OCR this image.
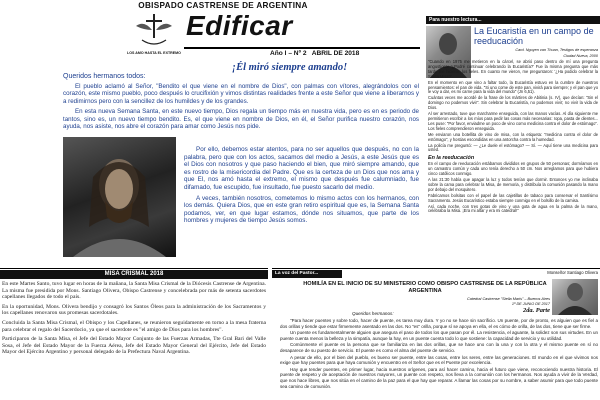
OBISPADO CASTRENSE DE ARGENTINA
LOS AMO HASTA EL EXTREMO
Edificar
Año I – Nº 2   ABRIL DE 2018
¡Él miró siempre amando!
Queridos hermanos todos:

El pueblo aclamó al Señor, "Bendito el que viene en el nombre de Dios", con palmas con vítores, alegrándolos con el corazón, este mismo pueblo, poco después lo crucifixión y vimos distintas realidades frente a este Señor que viene a liberarnos y a redimirnos pero con la sencillez de los humildes y de los grandes.

En esta nueva Semana Santa, en este nuevo tiempo, Dios regala un tiempo más en nuestra vida, pero es en es periodo de tantos, sino es, un nuevo tiempo bendito. Es, el que viene en nombre de Dios, en él, el Señor purifica nuestro corazón, nos ayuda, nos asiste, nos abre el corazón para amar como Jesús nos pide.

Por ello, debemos estar atentos, para no ser aquellos que después, no con la palabra, pero que con los actos, sacamos del medio a Jesús, a este Jesús que es el Dios con nosotros y que paso haciendo el bien, que miró siempre amando, que es rostro de la misericordia del Padre. Que es la certeza de un Dios que nos ama y que El, nos amó hasta el extremo, el mismo que después fue calumniado, fue difamado, fue escupido, fue insultado, fue puesto sacarlo del medio.

A veces, también nosotros, cometemos lo mismo actos con los hermanos, con los demás. Quiera Dios, que en este gran retiro espiritual que es, la Semana Santa podamos, ver, en que lugar estamos, dónde nos situamos, que parte de los hombres y mujeres de tiempo Jesús somos.

MISA CRISMAL 2018

En este Martes Santo, tuvo lugar en horas de la mañana, la Santa Misa Crismal de la Diócesis Castrense de Argentina. La misma fue presidida por Mons. Santiago Olivera, Obispo Castrense y concelebrada por más de setenta sacerdotes capellanes llegados de todo el país.

En la oportunidad, Mons. Olivera bendijo y consagró los Santos Óleos para la administración de los Sacramentos y los capellanes renovaron sus promesas sacerdotales.

Concluida la Santa Misa Crismal, el Obispo y los Capellanes, se reunieron seguidamente en torno a la mesa fraterna para celebrar el regalo del Sacerdocio, ya que el sacerdote es "el amigo de Dios para los hombres".

Participaron de la Santa Misa, el Jefe del Estado Mayor Conjunto de las Fuerzas Armadas, Tte Gral Bari del Valle Sosa, el Jefe del Estado Mayor de la Fuerza Aérea, Jefe del Estado Mayor General del Ejército, Jefe del Estado Mayor del Ejército Argentino y personal delegado de la Prefectura Naval Argentina.

Para nuestro lectura...
La Eucaristía en un campo de reeducación
Card. Nguyen van Thuan, Testigos de esperanza
Ciudad Nueva, 2000

"Cuando en 1975 me metieron en la cárcel, se abrió paso dentro de mí una pregunta angustiosa: '¿Podré continuar celebrando la Eucaristía?' Fue la misma pregunta que más tarde me hicieron los fieles. En cuanto me vieron, me preguntaron: '¿Ha podido celebrar la Santa Misa?'

En el momento en que vino a faltar todo, la Eucaristía estuvo en la cumbre de nuestros pensamientos: el pan de vida. "Si uno come de este pan, vivirá para siempre; y el pan que yo le voy a dar, es mi carne para la vida del mundo" (Jn 6,51).

Cuántas veces me acordé de la frase de los mártires de Abitinia (s. IV), que decían: "Sin el domingo no podemos vivir". Sin celebrar la Eucaristía, no podemos vivir; no vivir la vida de Dios.

Al ser arrestado, tuve que marcharme enseguida, con las manos vacías. Al día siguiente me permitieron escribir a los míos para pedir las cosas más necesarias: ropa, pasta de dientes... Les puse: "Por favor, enviadme un poco de vino como medicina contra el dolor de estómago". Los fieles comprendieron enseguida.

Me enviaron una botellita de vino de misa, con la etiqueta: "medicina contra el dolor de estómago", y hostias escondidas en una antorcha contra la humedad.

La policía me preguntó: — ¿Le duele el estómago? — Sí. — Aquí tiene una medicina para usted.

En la reeducación

En el campo de reeducación estábamos divididos en grupos de 50 personas; dormíamos en un camastro común y cada uno tenía derecho a 50 cm. Nos arreglamos para que hubiera cinco católicos conmigo.

A las 21:30 había que apagar la luz y todos tenían que dormir. Entonces yo me inclinaba sobre la cama para celebrar la Misa, de memoria, y distribuía la comunión pasando la mano por debajo del mosquitero.

Fabricamos bolsitas con el papel de las cajetillas de tabaco para conservar el Santísimo Sacramento. Jesús Eucarístico estaba siempre conmigo en el bolsillo de la camisa.

Así, cada noche, con tres gotas de vino y una gota de agua en la palma de la mano, celebraba la Misa. ¡Era mi altar y era mi catedral!"

La voz del Pastor...	Monseñor Santiago Olivera
HOMILÍA EN EL INICIO DE SU MINISTERIO COMO OBISPO CASTRENSE DE LA REPÚBLICA ARGENTINA
Catedral Castrense "Stella Maris" – Buenos Aires
1º DE JUNIO DE 2017
2da. Parte
Queridos hermanos:

"Para hacer puentes y sobre todo, hacer de puente, es tarea muy dura. Y yo no se hace sin sacrificio. Un puente, por de pronto, es alguien que es fiel a dos orillas y tiende que estar firmemente asentado en las dos. No "es" orilla, porque sí se apoya en ella, el es cómo de orilla, de las dos, tiene que ser firme.

Un puente es fundamentalmente alguien que asegura el paso de todos los que pasan por él. La resistencia, el aguante, la solidez son sus virtudes. En un puente cuenta menos la belleza y la simpatía, aunque la hay, en un puente cuenta todo lo que sostiene: la capacidad de servicio y su utilidad.

Comúnmente el puente es la persona que se familiariza en las dos orillas, que se hace uno con la una y con la otra y el mismo puente en sí no desaparece de su puesto de servicio. El puente es como el alma del puente de servicio.

A pesar de ello, por el bien del pueblo, es bueno ser puente, entre las cosas, entre los seres, entre las generaciones. El mundo en el que vivimos nos exige que hay puentes para que haya comunión y encuentro en el Señor que es el Puente por excelencia.

Hay que tender puentes, en primer lugar, hacia nuestros orígenes, para así hacer camino, hacia el futuro que viene, reconociendo nuestra historia. El puente de respeto y de aceptación de nuestros mayores, un puente con respeto, nos lleva a la comunión con los hermanos. Nos ayuda a vivir de la Verdad, que nos hace libres, que nos sitúa en el camino de la paz para el que hay que reparar. A llamar las cosas por su nombre, a saber asumir para que todo puente sea camino de comunión.
